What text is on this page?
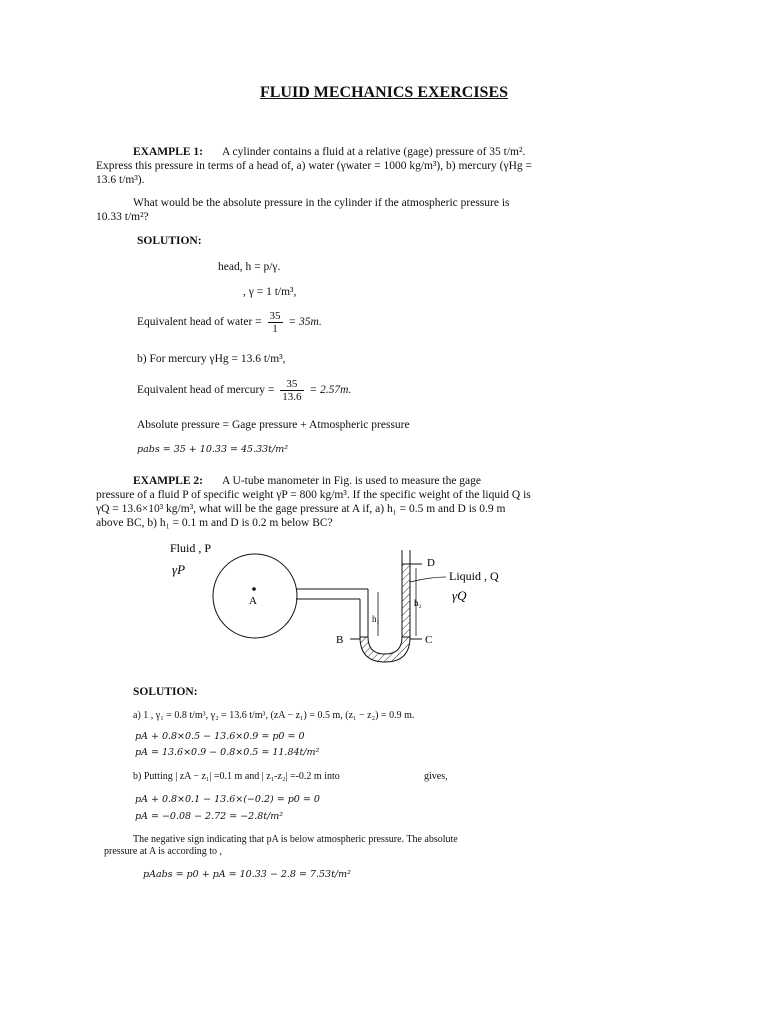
FLUID MECHANICS EXERCISES
EXAMPLE 1: A cylinder contains a fluid at a relative (gage) pressure of 35 t/m².
Express this pressure in terms of a head of, a) water (γwater = 1000 kg/m³), b) mercury (γHg =
13.6 t/m³).
What would be the absolute pressure in the cylinder if the atmospheric pressure is
10.33 t/m²?
SOLUTION:
head, h = p/γ.
, γ = 1 t/m³,
Equivalent head of water = $\frac{35}{1} = 35m$.
b) For mercury γHg = 13.6 t/m³,
Equivalent head of mercury = $\frac{35}{13.6} = 2.57m$.
Absolute pressure = Gage pressure + Atmospheric pressure
pabs = 35 + 10.33 = 45.33t/m²
EXAMPLE 2: A U-tube manometer in Fig. is used to measure the gage
pressure of a fluid P of specific weight γP = 800 kg/m³. If the specific weight of the liquid Q is
γQ = 13.6×10³ kg/m³, what will be the gage pressure at A if, a) h₁ = 0.5 m and D is 0.9 m
above BC, b) h₁ = 0.1 m and D is 0.2 m below BC?
Fluid , P
γP
A
B	C
D
h₁
h₂
Liquid , Q
γQ
SOLUTION:
a) 1 , γ₁ = 0.8 t/m³, γ₂ = 13.6 t/m³, (zA − z₁) = 0.5 m, (z₁ − z₂) = 0.9 m.
pA + 0.8×0.5 − 13.6×0.9 = p0 = 0
pA = 13.6×0.9 − 0.8×0.5 = 11.84t/m²
b) Putting | zA − z₁| =0.1 m and | z₁-z₂| =-0.2 m into	gives,
pA + 0.8×0.1 − 13.6×(−0.2) = p0 = 0
pA = −0.08 − 2.72 = −2.8t/m²
The negative sign indicating that pA is below atmospheric pressure. The absolute
pressure at A is according to ,
pAabs = p0 + pA = 10.33 − 2.8 = 7.53t/m²
